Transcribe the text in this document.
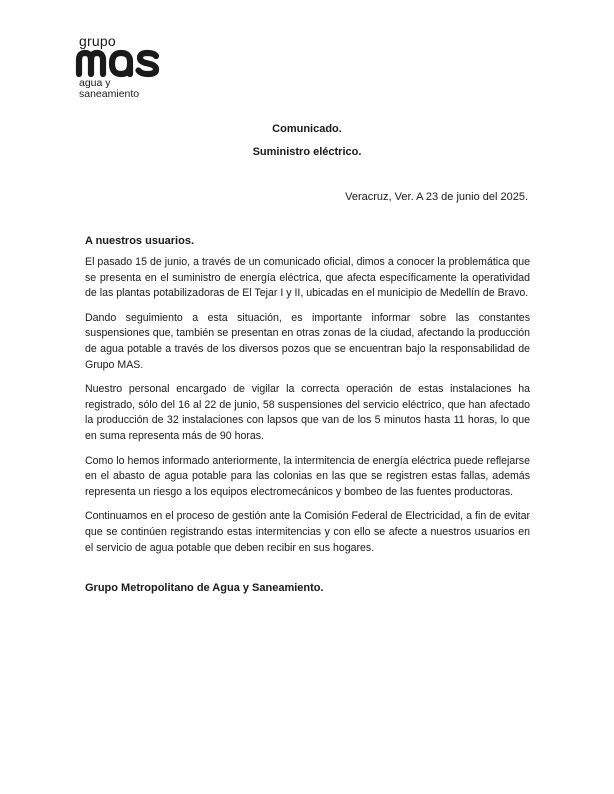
grupo
agua y
saneamiento
Comunicado.
Suministro eléctrico.
Veracruz, Ver. A 23 de junio del 2025.
A nuestros usuarios.

El pasado 15 de junio, a través de un comunicado oficial, dimos a conocer la problemática que se presenta en el suministro de energía eléctrica, que afecta específicamente la operatividad de las plantas potabilizadoras de El Tejar I y II, ubicadas en el municipio de Medellín de Bravo.

Dando seguimiento a esta situación, es importante informar sobre las constantes suspensiones que, también se presentan en otras zonas de la ciudad, afectando la producción de agua potable a través de los diversos pozos que se encuentran bajo la responsabilidad de Grupo MAS.

Nuestro personal encargado de vigilar la correcta operación de estas instalaciones ha registrado, sólo del 16 al 22 de junio, 58 suspensiones del servicio eléctrico, que han afectado la producción de 32 instalaciones con lapsos que van de los 5 minutos hasta 11 horas, lo que en suma representa más de 90 horas.

Como lo hemos informado anteriormente, la intermitencia de energía eléctrica puede reflejarse en el abasto de agua potable para las colonias en las que se registren estas fallas, además representa un riesgo a los equipos electromecánicos y bombeo de las fuentes productoras.

Continuamos en el proceso de gestión ante la Comisión Federal de Electricidad, a fin de evitar que se continúen registrando estas intermitencias y con ello se afecte a nuestros usuarios en el servicio de agua potable que deben recibir en sus hogares.

Grupo Metropolitano de Agua y Saneamiento.
